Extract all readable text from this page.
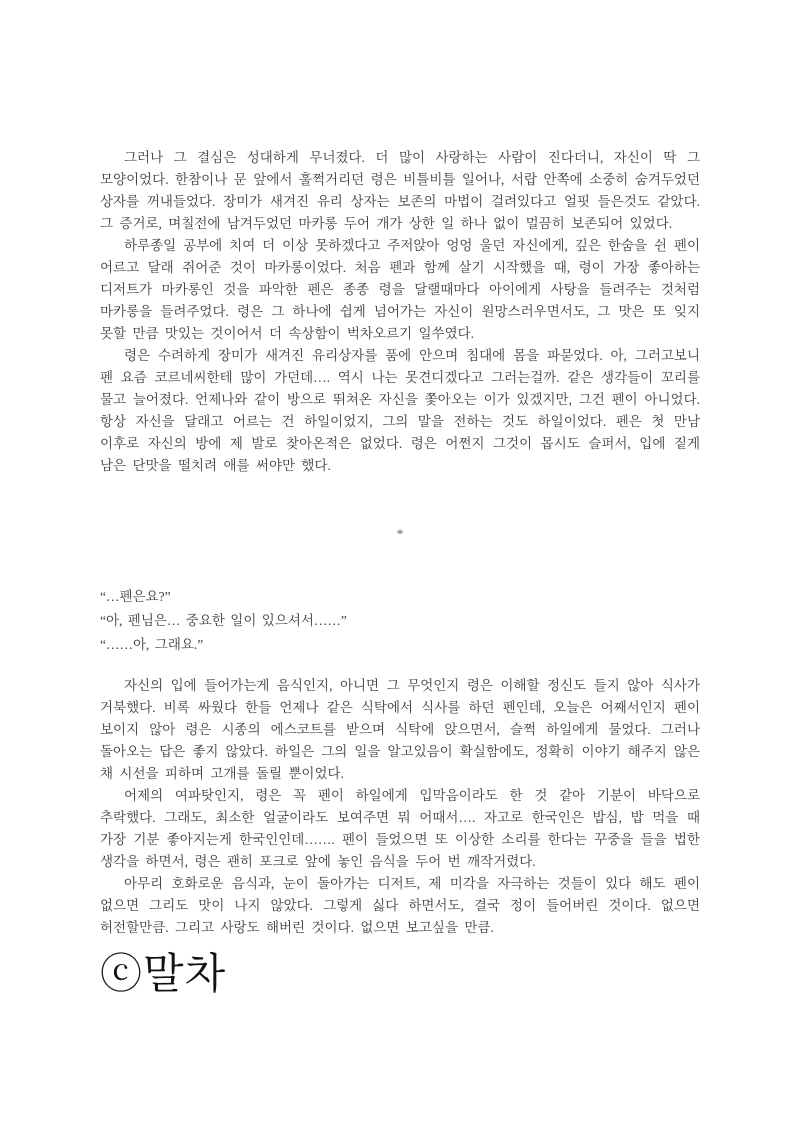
그러나 그 결심은 성대하게 무너졌다. 더 많이 사랑하는 사람이 진다더니, 자신이 딱 그 모양이었다. 한참이나 문 앞에서 훌쩍거리던 령은 비틀비틀 일어나, 서랍 안쪽에 소중히 숨겨두었던 상자를 꺼내들었다. 장미가 새겨진 유리 상자는 보존의 마법이 걸려있다고 얼핏 들은것도 같았다. 그 증거로, 며칠전에 남겨두었던 마카롱 두어 개가 상한 일 하나 없이 멀끔히 보존되어 있었다.

하루종일 공부에 치여 더 이상 못하겠다고 주저앉아 엉엉 울던 자신에게, 깊은 한숨을 쉰 펜이 어르고 달래 쥐어준 것이 마카롱이었다. 처음 펜과 함께 살기 시작했을 때, 령이 가장 좋아하는 디저트가 마카롱인 것을 파악한 펜은 종종 령을 달랠때마다 아이에게 사탕을 들려주는 것처럼 마카롱을 들려주었다. 령은 그 하나에 쉽게 넘어가는 자신이 원망스러우면서도, 그 맛은 또 잊지 못할 만큼 맛있는 것이어서 더 속상함이 벅차오르기 일쑤였다.

령은 수려하게 장미가 새겨진 유리상자를 품에 안으며 침대에 몸을 파묻었다. 아, 그러고보니 펜 요즘 코르네씨한테 많이 가던데…. 역시 나는 못견디겠다고 그러는걸까. 같은 생각들이 꼬리를 물고 늘어졌다. 언제나와 같이 방으로 뛰쳐온 자신을 쫓아오는 이가 있겠지만, 그건 펜이 아니었다. 항상 자신을 달래고 어르는 건 하일이었지, 그의 말을 전하는 것도 하일이었다. 펜은 첫 만남 이후로 자신의 방에 제 발로 찾아온적은 없었다. 령은 어쩐지 그것이 몹시도 슬퍼서, 입에 짙게 남은 단맛을 떨치려 애를 써야만 했다.

*
“…펜은요?”
“아, 펜님은… 중요한 일이 있으셔서……”
“……아, 그래요.”

자신의 입에 들어가는게 음식인지, 아니면 그 무엇인지 령은 이해할 정신도 들지 않아 식사가 거북했다. 비록 싸웠다 한들 언제나 같은 식탁에서 식사를 하던 펜인데, 오늘은 어째서인지 펜이 보이지 않아 령은 시종의 에스코트를 받으며 식탁에 앉으면서, 슬쩍 하일에게 물었다. 그러나 돌아오는 답은 좋지 않았다. 하일은 그의 일을 알고있음이 확실함에도, 정확히 이야기 해주지 않은 채 시선을 피하며 고개를 돌릴 뿐이었다.

어제의 여파탓인지, 령은 꼭 펜이 하일에게 입막음이라도 한 것 같아 기분이 바닥으로 추락했다. 그래도, 최소한 얼굴이라도 보여주면 뭐 어때서…. 자고로 한국인은 밥심, 밥 먹을 때 가장 기분 좋아지는게 한국인인데……. 펜이 들었으면 또 이상한 소리를 한다는 꾸중을 들을 법한 생각을 하면서, 령은 괜히 포크로 앞에 놓인 음식을 두어 번 깨작거렸다.

아무리 호화로운 음식과, 눈이 돌아가는 디저트, 제 미각을 자극하는 것들이 있다 해도 펜이 없으면 그리도 맛이 나지 않았다. 그렇게 싫다 하면서도, 결국 정이 들어버린 것이다. 없으면 허전할만큼. 그리고 사랑도 해버린 것이다. 없으면 보고싶을 만큼.

ⓒ말차
